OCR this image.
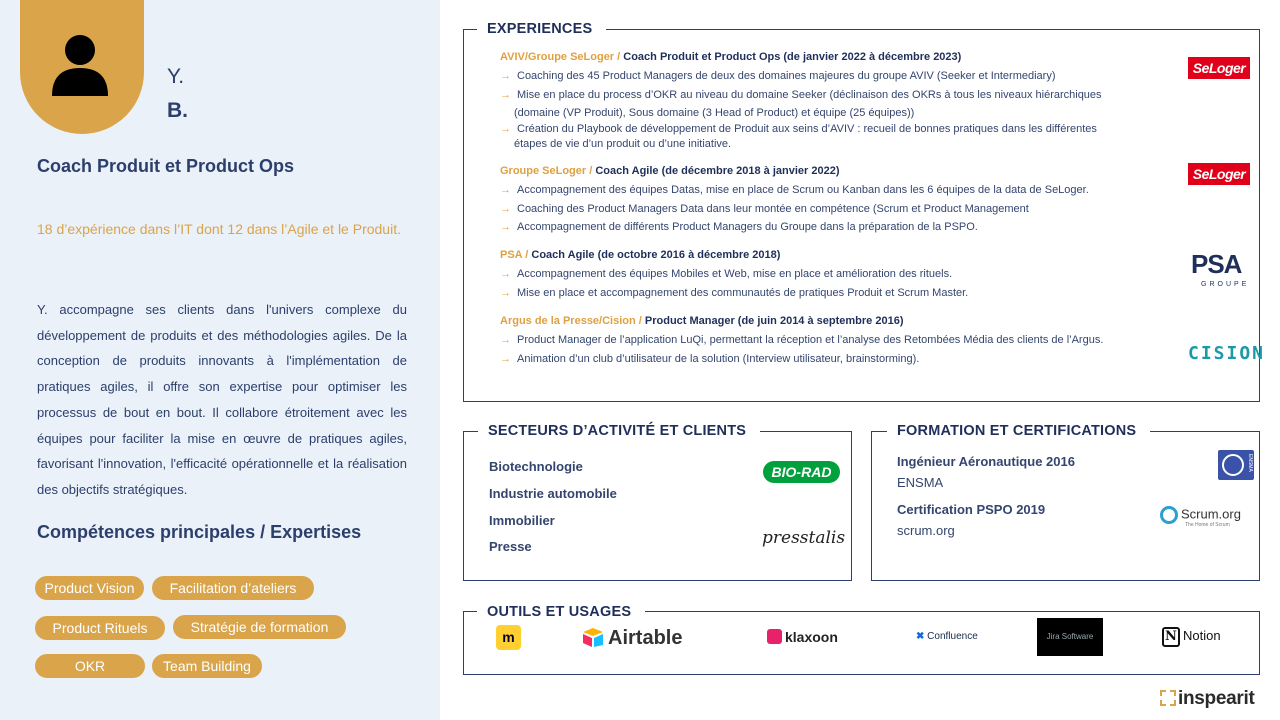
Y.
B.
Coach Produit et Product Ops
18 d’expérience dans l’IT dont 12 dans l’Agile et le Produit.
Y. accompagne ses clients dans l'univers complexe du développement de produits et des méthodologies agiles. De la conception de produits innovants à l'implémentation de pratiques agiles, il offre son expertise pour optimiser les processus de bout en bout. Il collabore étroitement avec les équipes pour faciliter la mise en œuvre de pratiques agiles, favorisant l'innovation, l'efficacité opérationnelle et la réalisation des objectifs stratégiques.
Compétences principales / Expertises
Product Vision	Facilitation d’ateliers
Product Rituels	Stratégie de formation
OKR	Team Building
EXPERIENCES
AVIV/Groupe SeLoger / Coach Produit et Product Ops (de janvier 2022 à décembre 2023)
→ Coaching des 45 Product Managers de deux des domaines majeures du groupe AVIV (Seeker et Intermediary)
→ Mise en place du process d’OKR au niveau du domaine Seeker (déclinaison des OKRs à tous les niveaux hiérarchiques
(domaine (VP Produit), Sous domaine (3 Head of Product) et équipe (25 équipes))
→ Création du Playbook de développement de Produit aux seins d’AVIV : recueil de bonnes pratiques dans les différentes
étapes de vie d’un produit ou d’une initiative.
SeLoger
Groupe SeLoger / Coach Agile (de décembre 2018 à janvier 2022)
→ Accompagnement des équipes Datas, mise en place de Scrum ou Kanban dans les 6 équipes de la data de SeLoger.
→ Coaching des Product Managers Data dans leur montée en compétence (Scrum et Product Management
→ Accompagnement de différents Product Managers du Groupe dans la préparation de la PSPO.
SeLoger
PSA / Coach Agile (de octobre 2016 à décembre 2018)
→ Accompagnement des équipes Mobiles et Web, mise en place et amélioration des rituels.
→ Mise en place et accompagnement des communautés de pratiques Produit et Scrum Master.
PSA
GROUPE
Argus de la Presse/Cision / Product Manager (de juin 2014 à septembre 2016)
→ Product Manager de l’application LuQi, permettant la réception et l’analyse des Retombées Média des clients de l’Argus.
→ Animation d’un club d’utilisateur de la solution (Interview utilisateur, brainstorming).	CISION
SECTEURS D’ACTIVITÉ ET CLIENTS
Biotechnologie
Industrie automobile
Immobilier
Presse
BIO-RAD
presstalis
FORMATION ET CERTIFICATIONS
Ingénieur Aéronautique 2016
ENSMA
Certification PSPO 2019
scrum.org
ENSMA
Scrum.org
The Home of Scrum
OUTILS ET USAGES
m	Airtable	klaxoon	✖ Confluence	Jira Software	N Notion
inspearit
